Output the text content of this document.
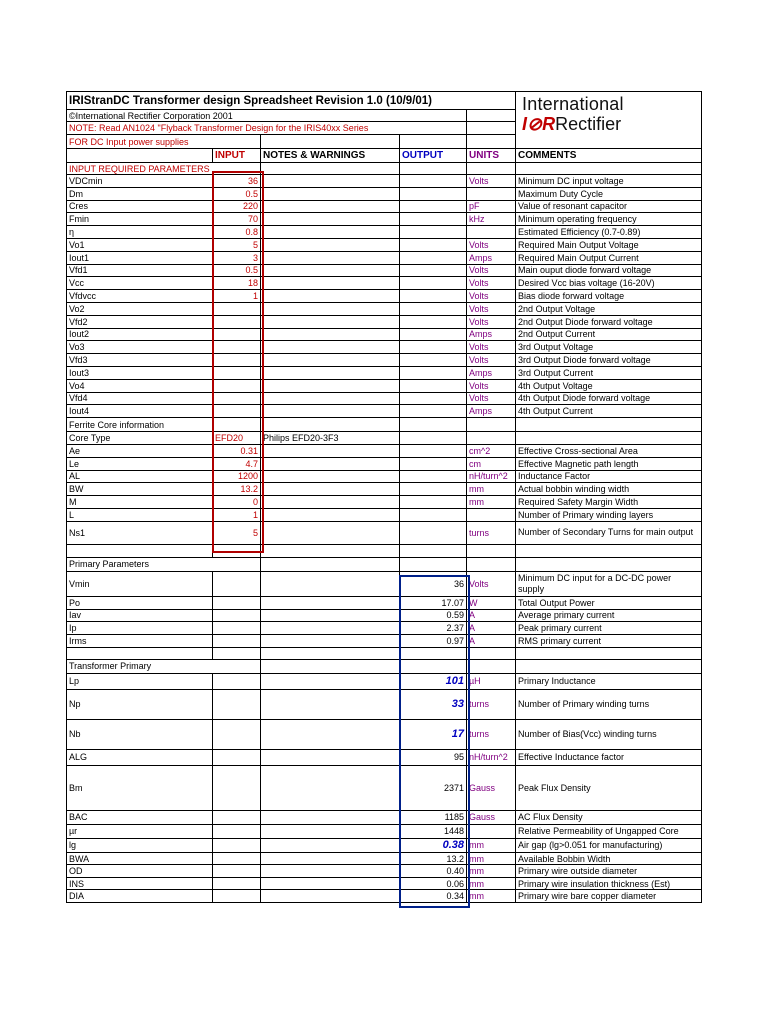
IRIStranDC Transformer design Spreadsheet Revision 1.0 (10/9/01)					International
I⊘RRectifier

©International Rectifier Corporation 2001					
NOTE: Read AN1024 "Flyback Transformer Design for the IRIS40xx Series					
FOR DC Input power supplies					
	INPUT	NOTES & WARNINGS	OUTPUT	UNITS	COMMENTS
INPUT REQUIRED PARAMETERS					
VDCmin	36			Volts	Minimum DC input voltage
Dm	0.5				Maximum Duty Cycle
Cres	220			pF	Value of resonant capacitor
Fmin	70			kHz	Minimum operating frequency
η	0.8				Estimated Efficiency (0.7-0.89)
Vo1	5			Volts	Required Main Output Voltage
Iout1	3			Amps	Required Main Output Current
Vfd1	0.5			Volts	Main ouput diode forward voltage
Vcc	18			Volts	Desired Vcc bias voltage (16-20V)
Vfdvcc	1			Volts	Bias diode forward voltage
Vo2				Volts	2nd Output Voltage
Vfd2				Volts	2nd Output Diode forward voltage
Iout2				Amps	2nd Output Current
Vo3				Volts	3rd Output Voltage
Vfd3				Volts	3rd Output Diode forward voltage
Iout3				Amps	3rd Output Current
Vo4				Volts	4th Output Voltage
Vfd4				Volts	4th Output Diode forward voltage
Iout4				Amps	4th Output Current
Ferrite Core information					
Core Type	EFD20	Philips EFD20-3F3			
Ae	0.31			cm^2	Effective Cross-sectional Area
Le	4.7			cm	Effective Magnetic path length
AL	1200			nH/turn^2	Inductance Factor
BW	13.2			mm	Actual bobbin winding width
M	0			mm	Required Safety Margin Width
L	1				Number of Primary winding layers
Ns1	5			turns	Number of Secondary Turns for main output

Primary Parameters					
Vmin			36	Volts	Minimum DC input for a DC-DC power supply
Po			17.07	W	Total Output Power
Iav			0.59	A	Average primary current
Ip			2.37	A	Peak primary current
Irms			0.97	A	RMS primary current

Transformer Primary					
Lp			101	µH	Primary Inductance
Np			33	turns	Number of Primary winding turns
Nb			17	turns	Number of Bias(Vcc) winding turns
ALG			95	nH/turn^2	Effective Inductance factor
Bm			2371	Gauss	Peak Flux Density
BAC			1185	Gauss	AC Flux Density
µr			1448		Relative Permeability of Ungapped Core
lg			0.38	mm	Air gap (lg>0.051 for manufacturing)
BWA			13.2	mm	Available Bobbin Width
OD			0.40	mm	Primary wire outside diameter
INS			0.06	mm	Primary wire insulation thickness (Est)
DIA			0.34	mm	Primary wire bare copper diameter
